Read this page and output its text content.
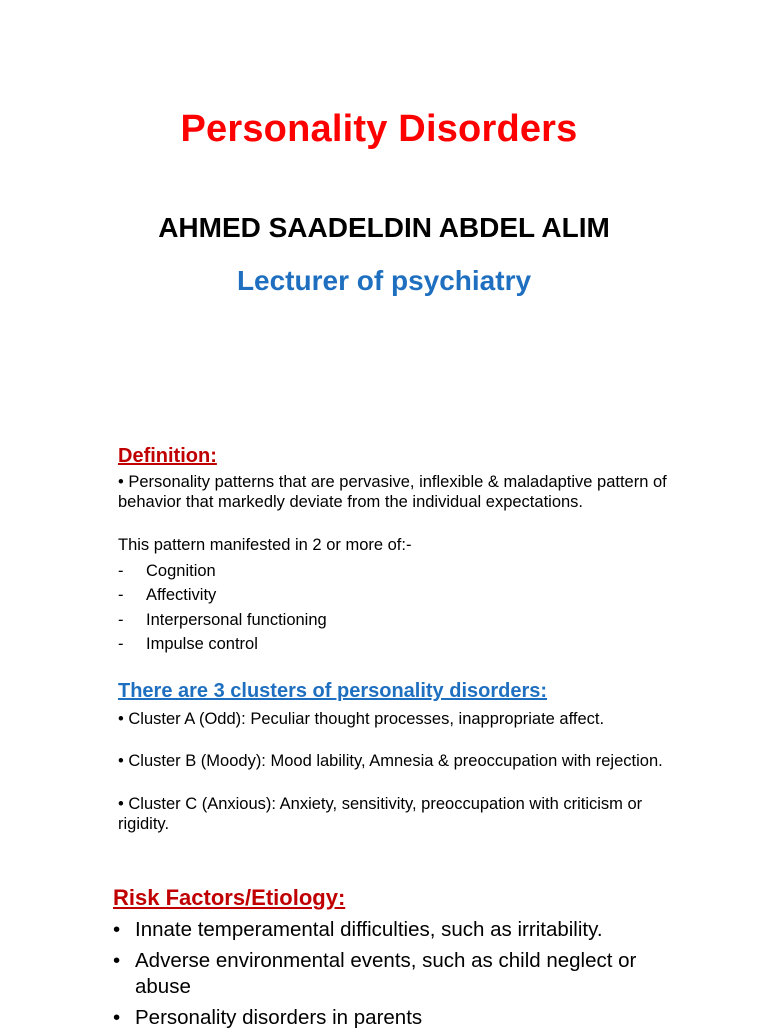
Personality Disorders
AHMED SAADELDIN ABDEL ALIM
Lecturer of psychiatry
Definition:
• Personality patterns that are pervasive, inflexible & maladaptive pattern of behavior that markedly deviate from the individual expectations.
This pattern manifested in 2 or more of:-
- Cognition
- Affectivity
- Interpersonal functioning
- Impulse control
There are 3 clusters of personality disorders:
• Cluster A (Odd): Peculiar thought processes, inappropriate affect.
• Cluster B (Moody): Mood lability, Amnesia & preoccupation with rejection.
• Cluster C (Anxious): Anxiety, sensitivity, preoccupation with criticism or rigidity.
Risk Factors/Etiology:
• Innate temperamental difficulties, such as irritability.
• Adverse environmental events, such as child neglect or abuse
• Personality disorders in parents
